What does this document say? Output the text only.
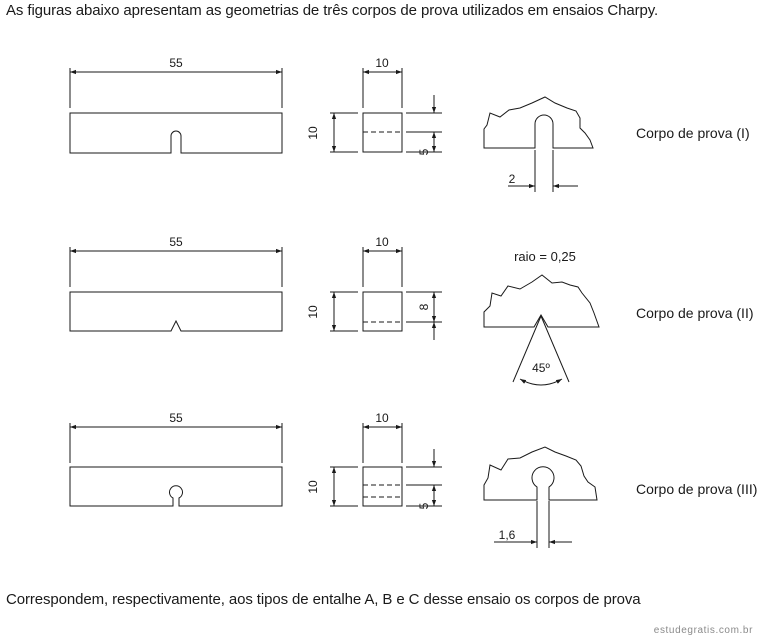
As figuras abaixo apresentam as geometrias de três corpos de prova utilizados em ensaios Charpy.
55	10
10
5
2
Corpo de prova (I)
55	10
10	8
raio = 0,25
45º
Corpo de prova (II)
55	10
10
5
1,6
Corpo de prova (III)
Correspondem, respectivamente, aos tipos de entalhe A, B e C desse ensaio os corpos de prova
estudegratis.com.br
